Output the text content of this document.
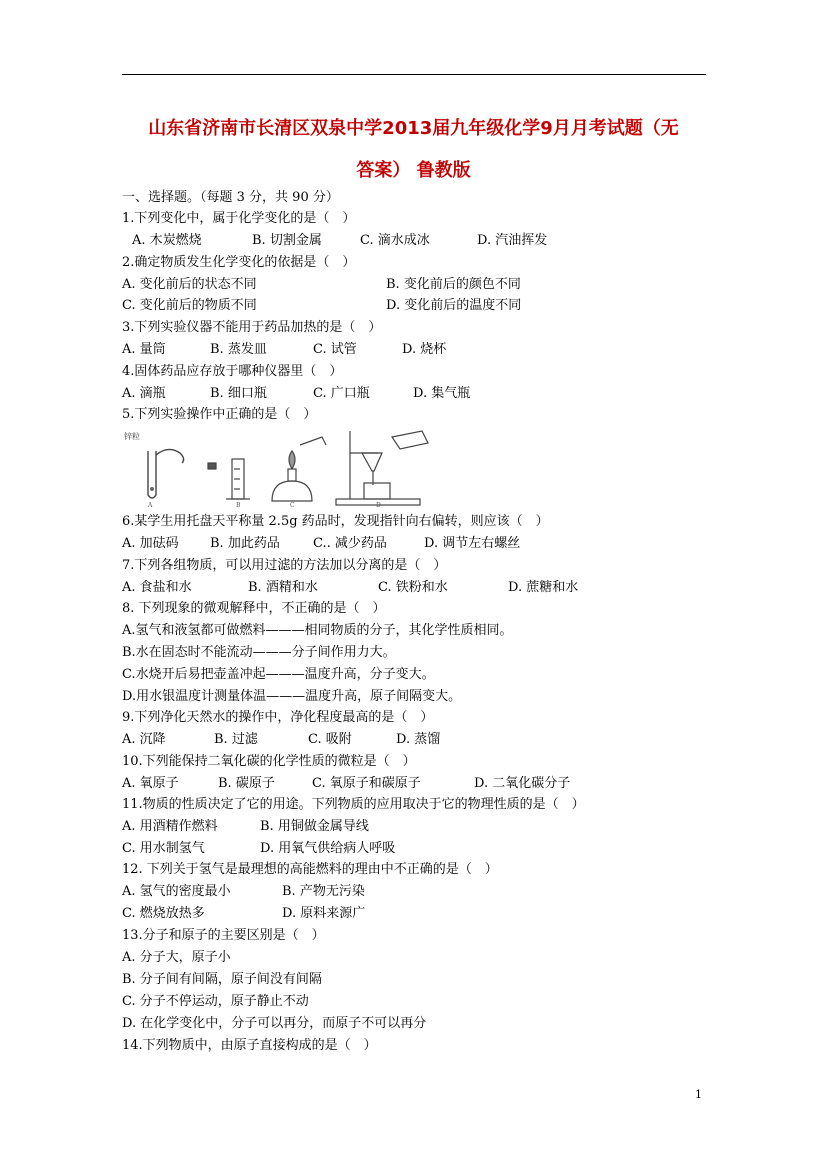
山东省济南市长清区双泉中学2013届九年级化学9月月考试题（无
答案） 鲁教版
一、选择题。（每题 3 分，共 90 分）
1.下列变化中，属于化学变化的是（　）
A. 木炭燃烧	B. 切割金属	C. 滴水成冰	D. 汽油挥发
2.确定物质发生化学变化的依据是（　）
A. 变化前后的状态不同	B. 变化前后的颜色不同
C. 变化前后的物质不同	D. 变化前后的温度不同
3.下列实验仪器不能用于药品加热的是（　）
A. 量筒	B. 蒸发皿	C. 试管	D. 烧杯
4.固体药品应存放于哪种仪器里（　）
A. 滴瓶	B. 细口瓶	C. 广口瓶	D. 集气瓶
5.下列实验操作中正确的是（　）
锌粒
A	B	C	D
6.某学生用托盘天平称量 2.5g 药品时，发现指针向右偏转，则应该（　）
A. 加砝码 B. 加此药品	C.. 减少药品	D. 调节左右螺丝
7.下列各组物质，可以用过滤的方法加以分离的是（　）
A. 食盐和水	B. 酒精和水	C. 铁粉和水	D. 蔗糖和水
8. 下列现象的微观解释中，不正确的是（　）
A.氢气和液氢都可做燃料———相同物质的分子，其化学性质相同。
B.水在固态时不能流动———分子间作用力大。
C.水烧开后易把壶盖冲起———温度升高，分子变大。
D.用水银温度计测量体温———温度升高，原子间隔变大。
9.下列净化天然水的操作中，净化程度最高的是（　）
A. 沉降	B. 过滤	C. 吸附	D. 蒸馏
10.下列能保持二氧化碳的化学性质的微粒是（　）
A. 氧原子	B. 碳原子	C. 氧原子和碳原子	D. 二氧化碳分子
11.物质的性质决定了它的用途。下列物质的应用取决于它的物理性质的是（　）
A. 用酒精作燃料	B. 用铜做金属导线
C. 用水制氢气	D. 用氧气供给病人呼吸
12. 下列关于氢气是最理想的高能燃料的理由中不正确的是（　）
A. 氢气的密度最小	B. 产物无污染
C. 燃烧放热多	D. 原料来源广
13.分子和原子的主要区别是（　）
A. 分子大，原子小
B. 分子间有间隔，原子间没有间隔
C. 分子不停运动，原子静止不动
D. 在化学变化中，分子可以再分，而原子不可以再分
14.下列物质中，由原子直接构成的是（　）
1
